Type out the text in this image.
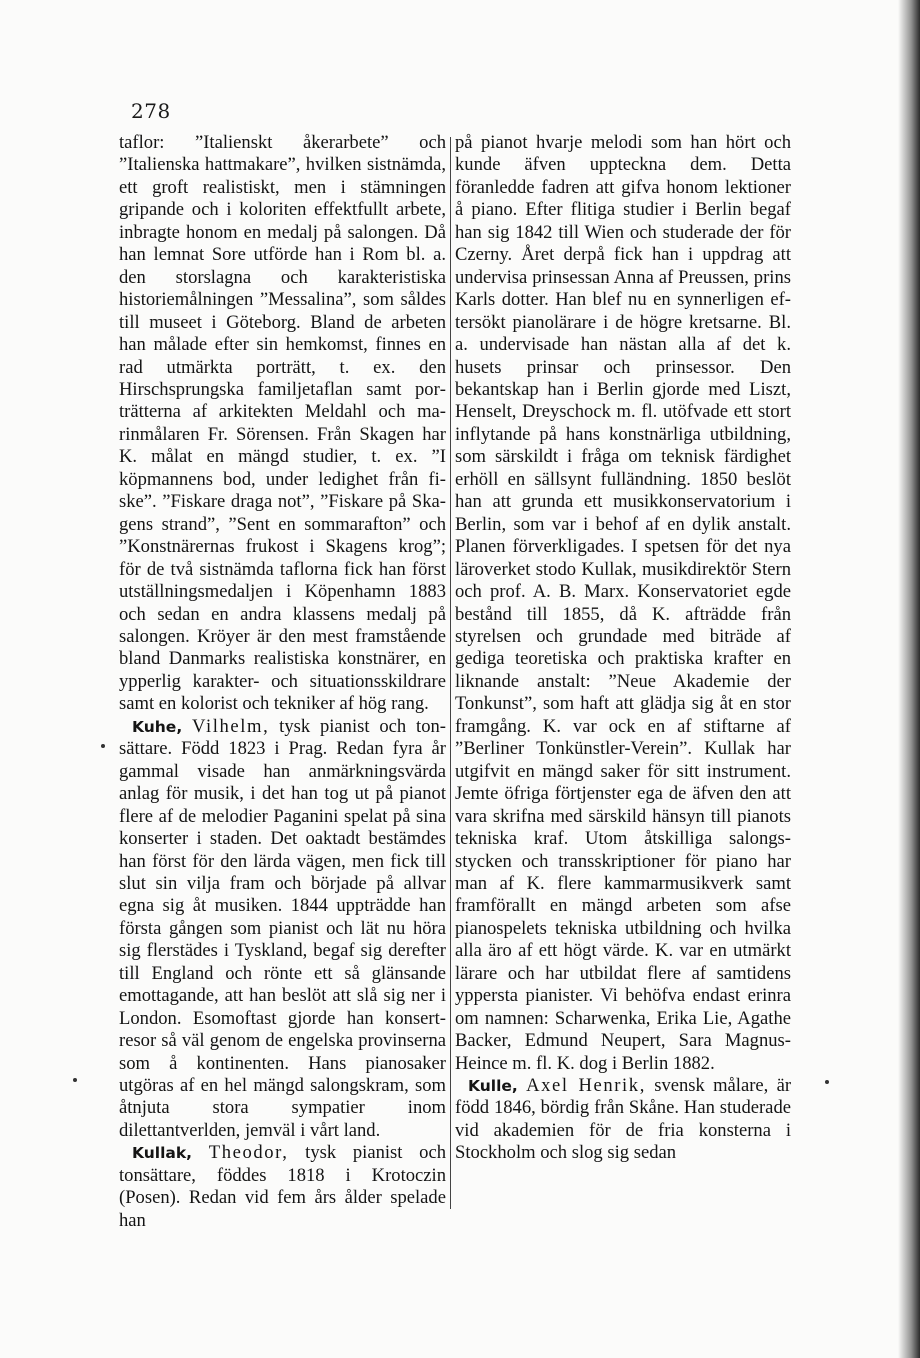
278

taflor: ”Italienskt åkerarbete” och ”Italienska hattmakare”, hvilken sistnämda, ett groft realistiskt, men i stämningen gripande och i koloriten effektfullt arbete, inbragte honom en medalj på salongen. Då han lemnat Sore utförde han i Rom bl. a. den storslagna och karakteristiska historiemålningen ”Messalina”, som såldes till museet i Göteborg. Bland de arbeten han målade efter sin hemkomst, finnes en rad utmärkta porträtt, t. ex. den Hirschsprungska familjetaflan samt porträtterna af arkitekten Meldahl och marinmålaren Fr. Sörensen. Från Skagen har K. målat en mängd studier, t. ex. ”I köpmannens bod, under ledighet från fiske”. ”Fiskare dragа not”, ”Fiskare på Skagens strand”, ”Sent en sommarafton” och ”Konstnärernas frukost i Skagens krog”; för de två sistnämda taflorna fick han först utställningsmedaljen i Köpenhamn 1883 och sedan en andra klassens medalj på salongen. Kröyer är den mest framstående bland Danmarks realistiska konstnärer, en ypperlig karakter- och situationsskildrare samt en kolorist och tekniker af hög rang.

Kuhe, Vilhelm, tysk pianist och tonsättare. Född 1823 i Prag. Redan fyra år gammal visade han anmärkningsvärda anlag för musik, i det han tog ut på pianot flere af de melodier Paganini spelat på sina konserter i staden. Det oaktadt bestämdes han först för den lärda vägen, men fick till slut sin vilja fram och började på allvar egna sig åt musiken. 1844 uppträdde han första gången som pianist och lät nu höra sig flerstädes i Tyskland, begaf sig derefter till England och rönte ett så glänsande emottagande, att han beslöt att slå sig ner i London. Esomoftast gjorde han konsertresor så väl genom de engelska provinserna som å kontinenten. Hans pianosaker utgöras af en hel mängd salongskram, som åtnjuta stora sympatier inom dilettantverlden, jemväl i vårt land.

Kullak, Theodor, tysk pianist och tonsättare, föddes 1818 i Krotoczin (Posen). Redan vid fem års ålder spelade han

på pianot hvarje melodi som han hört och kunde äfven uppteckna dem. Detta föranledde fadren att gifva honom lektioner å piano. Efter flitiga studier i Berlin begaf han sig 1842 till Wien och studerade der för Czerny. Året derpå fick han i uppdrag att undervisa prinsessan Anna af Preussen, prins Karls dotter. Han blef nu en synnerligen eftersökt pianolärare i de högre kretsarne. Bl. a. undervisade han nästan alla af det k. husets prinsar och prinsessor. Den bekantskap han i Berlin gjorde med Liszt, Henselt, Dreyschock m. fl. utöfvade ett stort inflytande på hans konstnärliga utbildning, som särskildt i fråga om teknisk färdighet erhöll en sällsynt fulländning. 1850 beslöt han att grunda ett musikkonservatorium i Berlin, som var i behof af en dylik anstalt. Planen förverkligades. I spetsen för det nya läroverket stodo Kullak, musikdirektör Stern och prof. A. B. Marx. Konservatoriet egde bestånd till 1855, då K. afträdde från styrelsen och grundade med biträde af gediga teoretiska och praktiska krafter en liknande anstalt: ”Neue Akademie der Tonkunst”, som haft att glädja sig åt en stor framgång. K. var ock en af stiftarne af ”Berliner Tonkünstler-Verein”. Kullak har utgifvit en mängd saker för sitt instrument. Jemte öfriga förtjenster ega de äfven den att vara skrifna med särskild hänsyn till pianots tekniska kraf. Utom åtskilliga salongsstycken och transskriptioner för piano har man af K. flere kammarmusikverk samt framförallt en mängd arbeten som afse pianospelets tekniska utbildning och hvilka alla äro af ett högt värde. K. var en utmärkt lärare och har utbildat flere af samtidens yppersta pianister. Vi behöfva endast erinra om namnen: Scharwenka, Erika Lie, Agathe Backer, Edmund Neupert, Sara Magnus-Heince m. fl. K. dog i Berlin 1882.

Kulle, Axel Henrik, svensk målare, är född 1846, bördig från Skåne. Han studerade vid akademien för de fria konsterna i Stockholm och slog sig sedan
